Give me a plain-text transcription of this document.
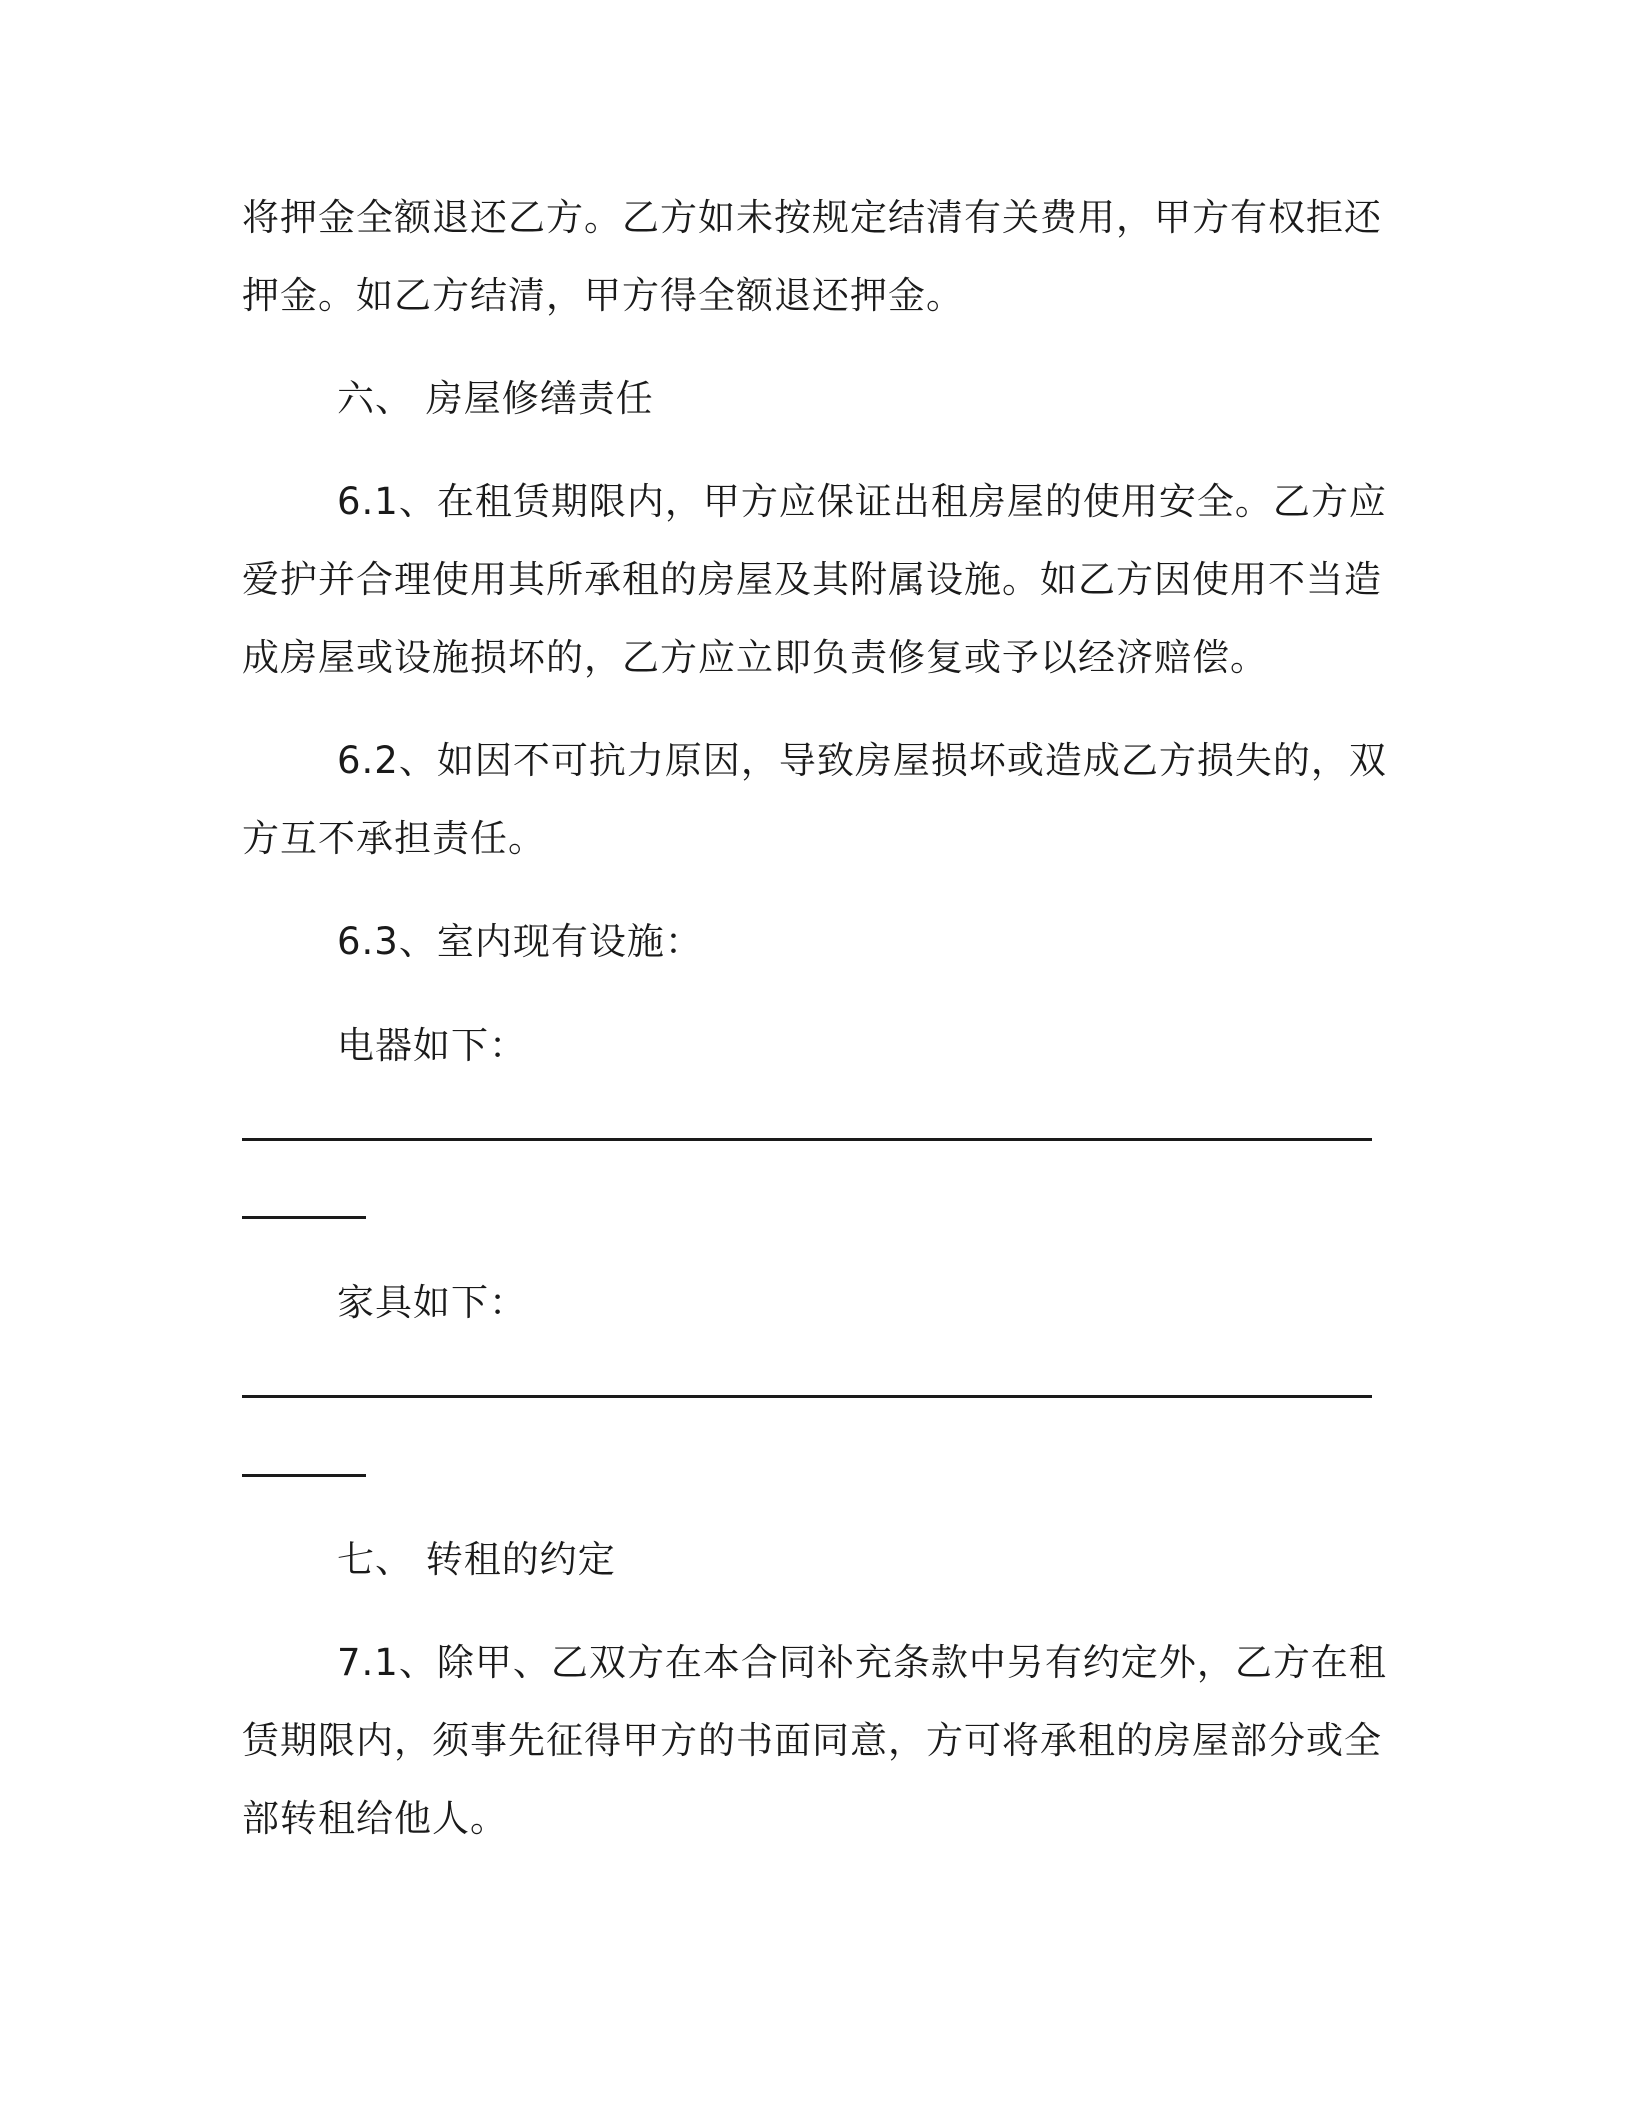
将押金全额退还乙方。乙方如未按规定结清有关费用，甲方有权拒还
押金。如乙方结清，甲方得全额退还押金。
六、 房屋修缮责任
6.1、在租赁期限内，甲方应保证出租房屋的使用安全。乙方应
爱护并合理使用其所承租的房屋及其附属设施。如乙方因使用不当造
成房屋或设施损坏的，乙方应立即负责修复或予以经济赔偿。
6.2、如因不可抗力原因，导致房屋损坏或造成乙方损失的，双
方互不承担责任。
6.3、室内现有设施：
电器如下：
家具如下：
七、 转租的约定
7.1、除甲、乙双方在本合同补充条款中另有约定外，乙方在租
赁期限内，须事先征得甲方的书面同意，方可将承租的房屋部分或全
部转租给他人。
